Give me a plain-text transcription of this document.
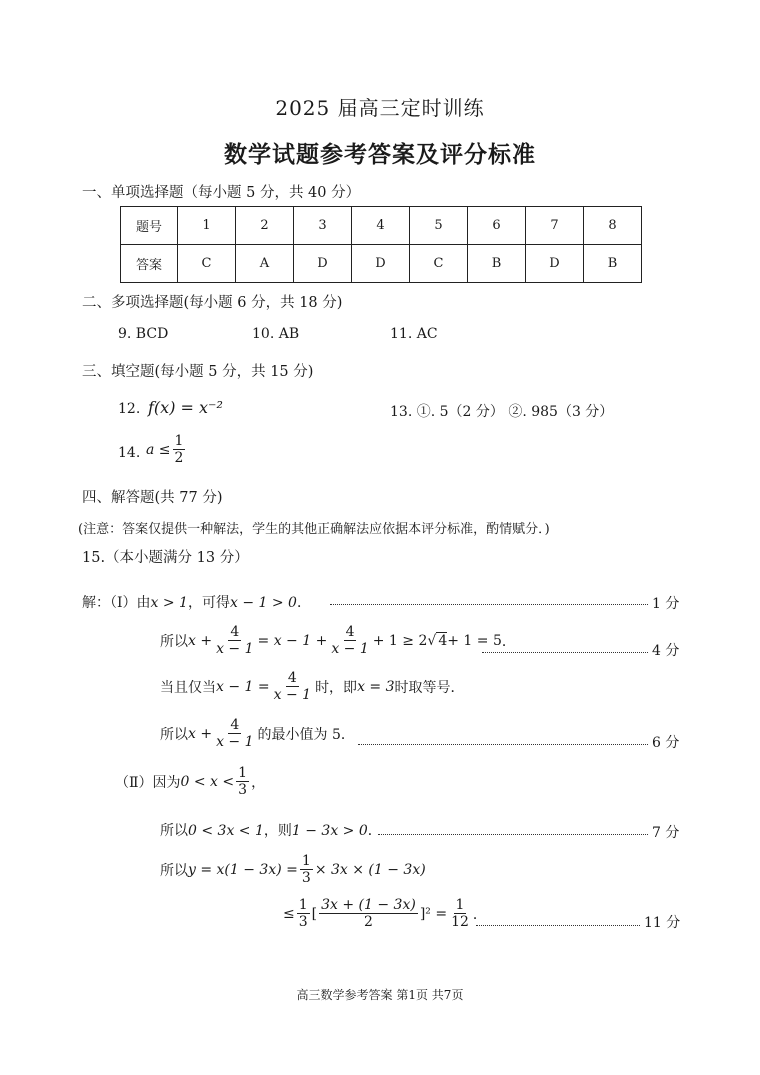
2025 届高三定时训练
数学试题参考答案及评分标准
一、单项选择题（每小题 5 分，共 40 分）
题号	1	2	3	4	5	6	7	8
答案	C	A	D	D	C	B	D	B
二、多项选择题(每小题 6 分，共 18 分)
9. BCD	10. AB	11. AC
三、填空题(每小题 5 分，共 15 分)
12. f(x) = x⁻²	13. ①. 5（2 分） ②. 985（3 分）
14. $a \le \frac{1}{2}$
四、解答题(共 77 分)
(注意：答案仅提供一种解法，学生的其他正确解法应依据本评分标准，酌情赋分．)
15.（本小题满分 13 分）
解：（Ⅰ）由x > 1，可得x − 1 > 0．	1 分
所以 $x + \frac{4}{x - 1} = x - 1 + \frac{4}{x - 1} + 1 \ge 2$ √ 4 + 1 = 5 ．
4 分
当且仅当 $x - 1 = \frac{4}{x - 1}$ 时，即 x = 3 时取等号．
所以 $x + \frac{4}{x - 1}$ 的最小值为 5．
6 分
（Ⅱ）因为 $0 < x < \frac{1}{3}$ ，
所以0 < 3x < 1，则1 − 3x > 0．	7 分
所以 $y = x(1 - 3x) = \frac{1}{3} \times 3x \times (1 - 3x)$
≤ $\frac{1}{3}$ [ $\frac{3x + (1 - 3x)}{2} ]^2 = \frac{1}{12}$ ．
11 分
高三数学参考答案 第1页 共7页
